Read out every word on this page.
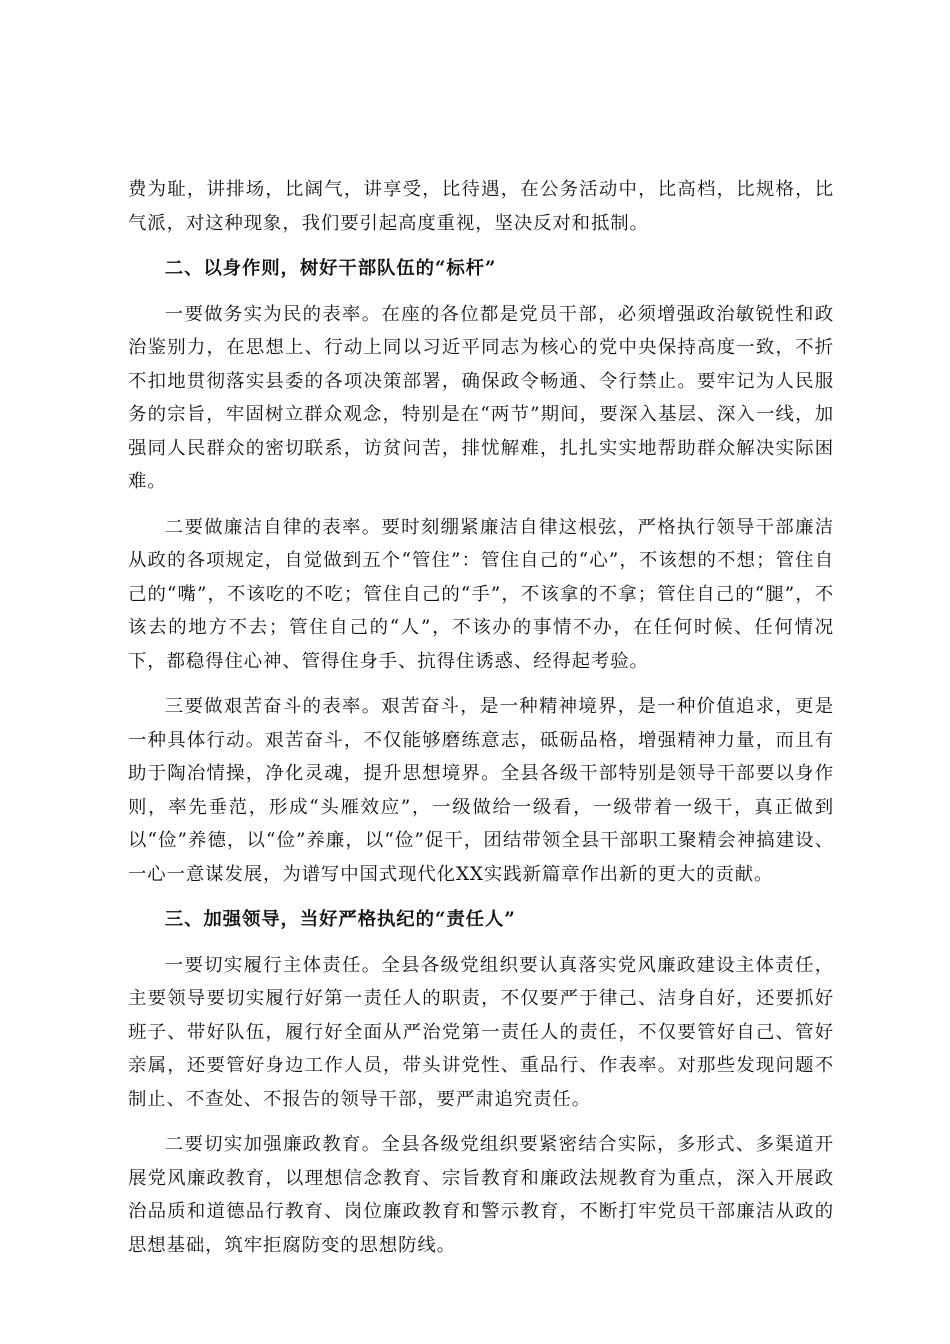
费为耻，讲排场，比阔气，讲享受，比待遇，在公务活动中，比高档，比规格，比气派，对这种现象，我们要引起高度重视，坚决反对和抵制。

二、以身作则，树好干部队伍的“标杆”

一要做务实为民的表率。在座的各位都是党员干部，必须增强政治敏锐性和政治鉴别力，在思想上、行动上同以习近平同志为核心的党中央保持高度一致，不折不扣地贯彻落实县委的各项决策部署，确保政令畅通、令行禁止。要牢记为人民服务的宗旨，牢固树立群众观念，特别是在“两节”期间，要深入基层、深入一线，加强同人民群众的密切联系，访贫问苦，排忧解难，扎扎实实地帮助群众解决实际困难。

二要做廉洁自律的表率。要时刻绷紧廉洁自律这根弦，严格执行领导干部廉洁从政的各项规定，自觉做到五个“管住”：管住自己的“心”，不该想的不想；管住自己的“嘴”，不该吃的不吃；管住自己的“手”，不该拿的不拿；管住自己的“腿”，不该去的地方不去；管住自己的“人”，不该办的事情不办，在任何时候、任何情况下，都稳得住心神、管得住身手、抗得住诱惑、经得起考验。

三要做艰苦奋斗的表率。艰苦奋斗，是一种精神境界，是一种价值追求，更是一种具体行动。艰苦奋斗，不仅能够磨练意志，砥砺品格，增强精神力量，而且有助于陶冶情操，净化灵魂，提升思想境界。全县各级干部特别是领导干部要以身作则，率先垂范，形成“头雁效应”，一级做给一级看，一级带着一级干，真正做到以“俭”养德，以“俭”养廉，以“俭”促干，团结带领全县干部职工聚精会神搞建设、一心一意谋发展，为谱写中国式现代化XX实践新篇章作出新的更大的贡献。

三、加强领导，当好严格执纪的“责任人”

一要切实履行主体责任。全县各级党组织要认真落实党风廉政建设主体责任，主要领导要切实履行好第一责任人的职责，不仅要严于律己、洁身自好，还要抓好班子、带好队伍，履行好全面从严治党第一责任人的责任，不仅要管好自己、管好亲属，还要管好身边工作人员，带头讲党性、重品行、作表率。对那些发现问题不制止、不查处、不报告的领导干部，要严肃追究责任。

二要切实加强廉政教育。全县各级党组织要紧密结合实际，多形式、多渠道开展党风廉政教育，以理想信念教育、宗旨教育和廉政法规教育为重点，深入开展政治品质和道德品行教育、岗位廉政教育和警示教育，不断打牢党员干部廉洁从政的思想基础，筑牢拒腐防变的思想防线。
